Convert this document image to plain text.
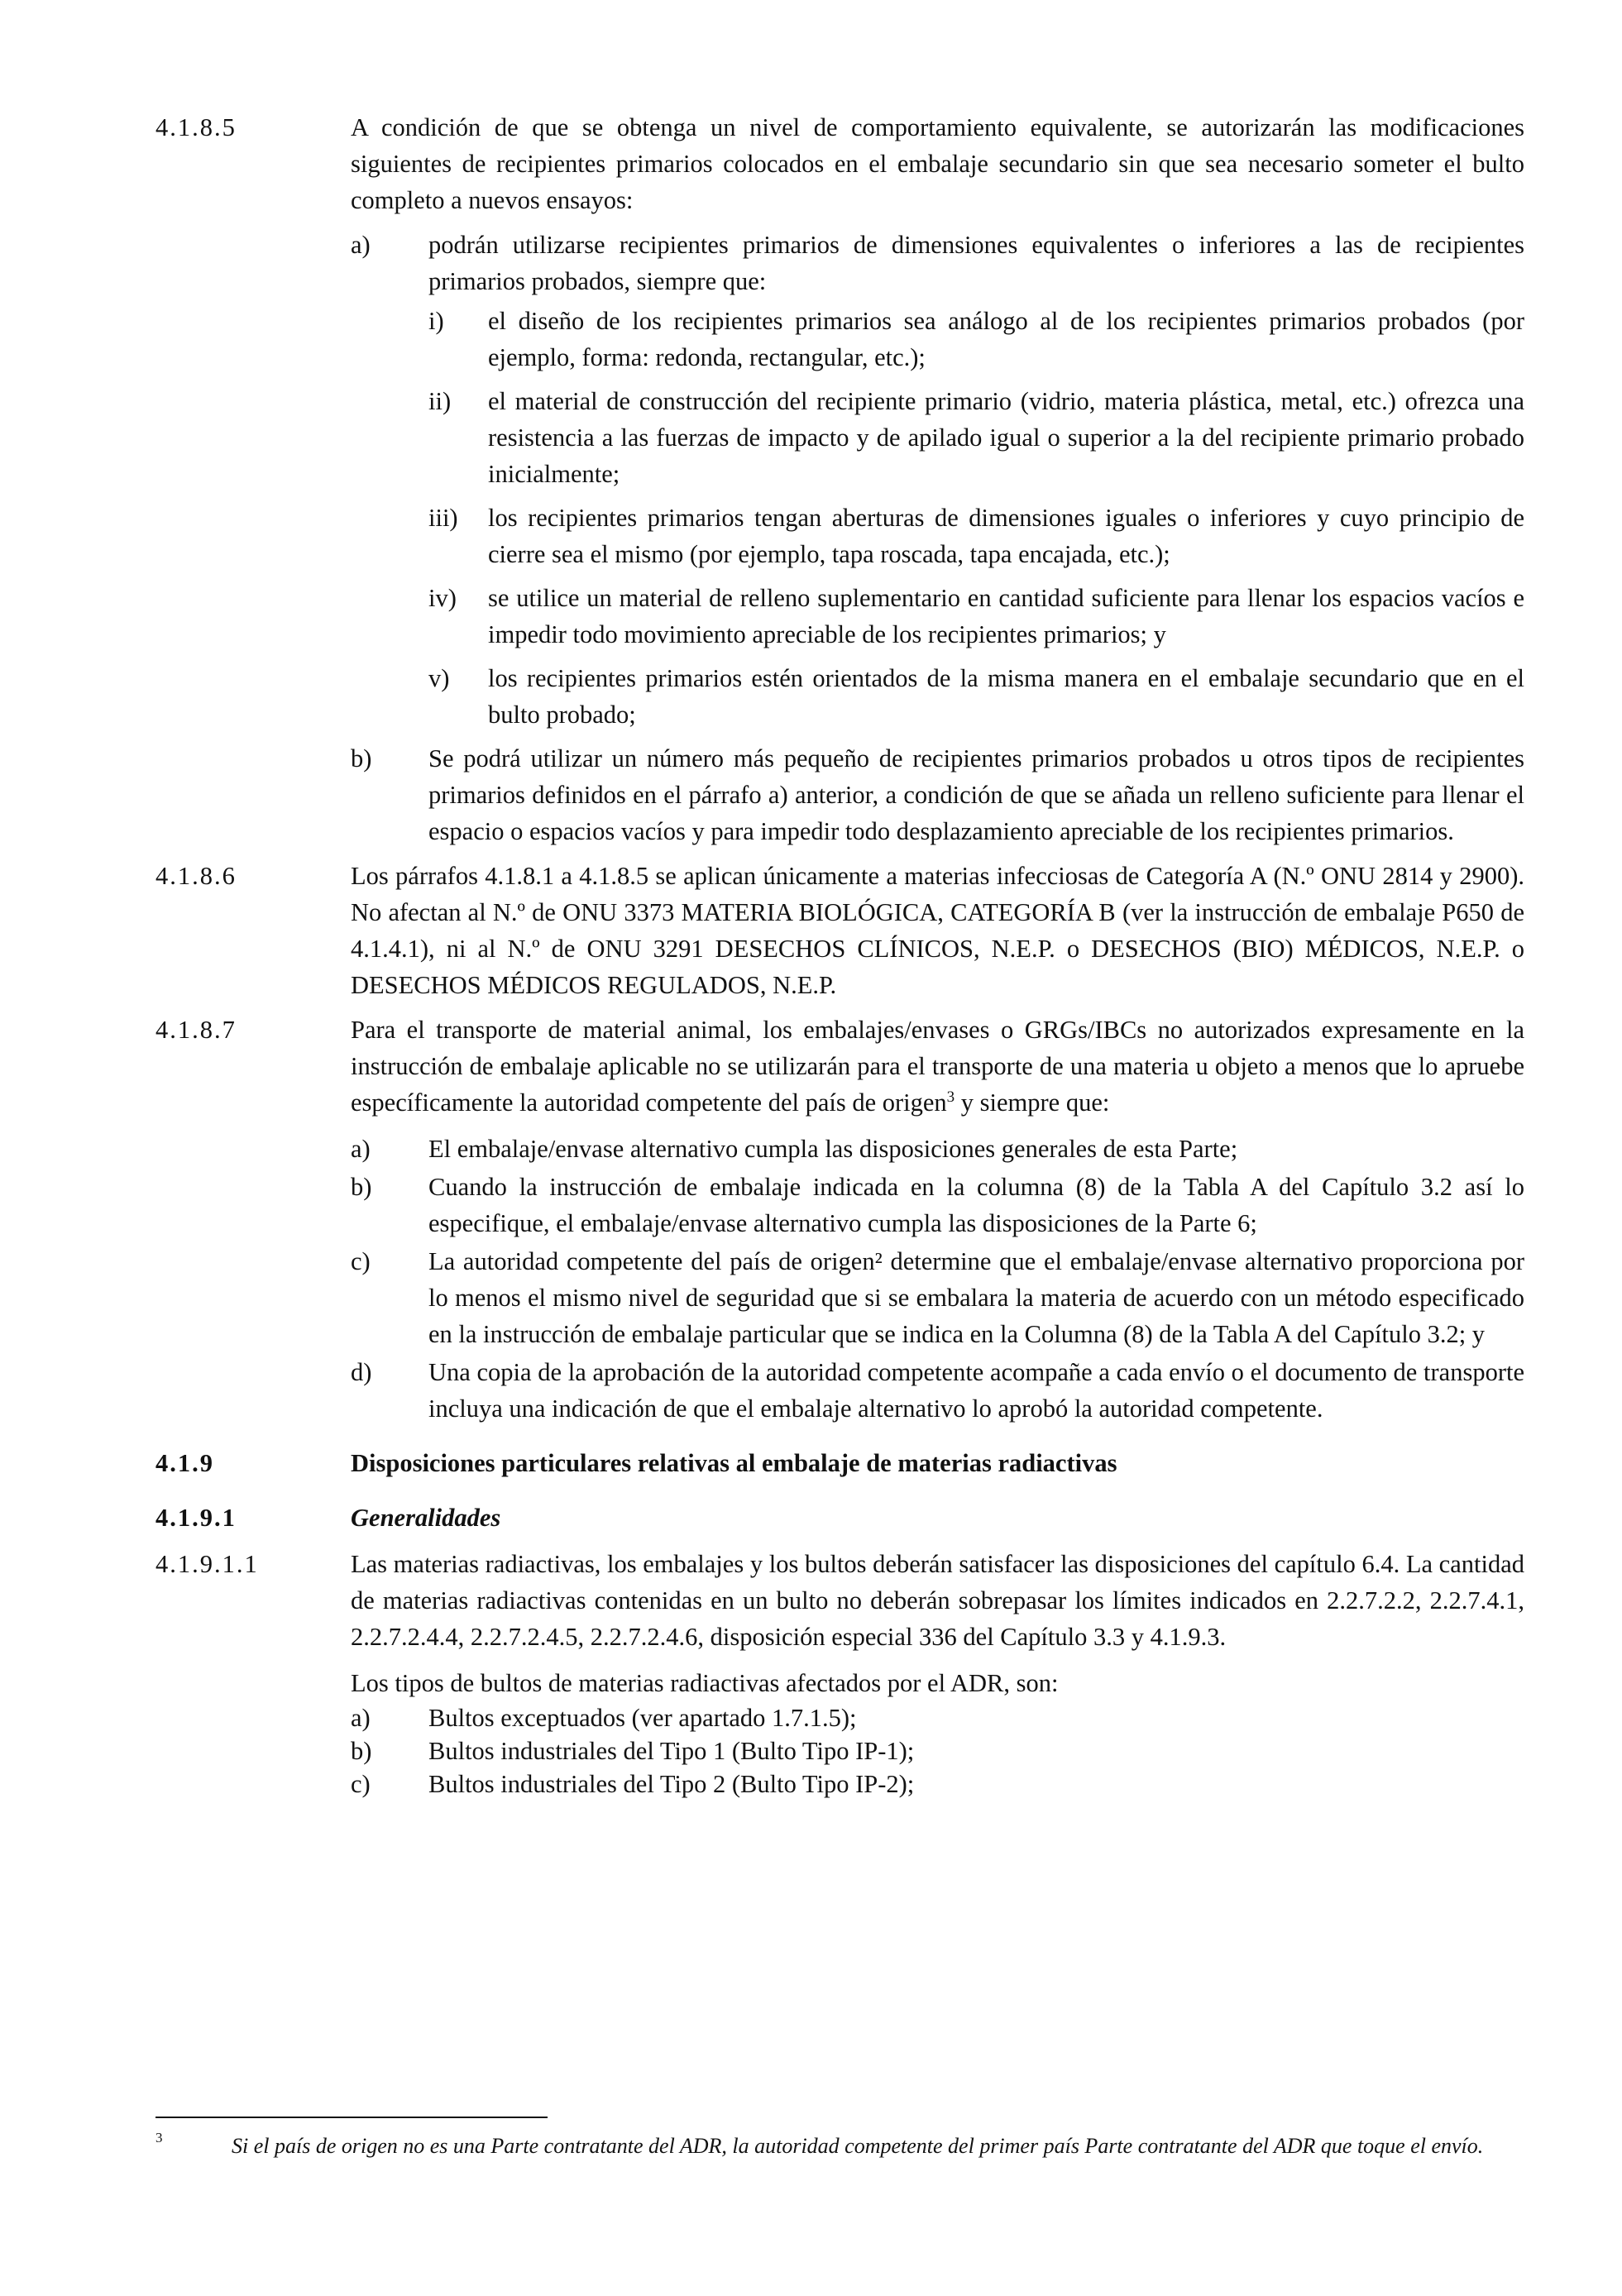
4.1.8.5	A condición de que se obtenga un nivel de comportamiento equivalente, se autorizarán las modificaciones siguientes de recipientes primarios colocados en el embalaje secundario sin que sea necesario someter el bulto completo a nuevos ensayos:

a)	podrán utilizarse recipientes primarios de dimensiones equivalentes o inferiores a las de recipientes primarios probados, siempre que:
i)	el diseño de los recipientes primarios sea análogo al de los recipientes primarios probados (por ejemplo, forma: redonda, rectangular, etc.);
ii)	el material de construcción del recipiente primario (vidrio, materia plástica, metal, etc.) ofrezca una resistencia a las fuerzas de impacto y de apilado igual o superior a la del recipiente primario probado inicialmente;
iii)	los recipientes primarios tengan aberturas de dimensiones iguales o inferiores y cuyo principio de cierre sea el mismo (por ejemplo, tapa roscada, tapa encajada, etc.);
iv)	se utilice un material de relleno suplementario en cantidad suficiente para llenar los espacios vacíos e impedir todo movimiento apreciable de los recipientes primarios; y
v)	los recipientes primarios estén orientados de la misma manera en el embalaje secundario que en el bulto probado;
b)	Se podrá utilizar un número más pequeño de recipientes primarios probados u otros tipos de recipientes primarios definidos en el párrafo a) anterior, a condición de que se añada un relleno suficiente para llenar el espacio o espacios vacíos y para impedir todo desplazamiento apreciable de los recipientes primarios.
4.1.8.6	Los párrafos 4.1.8.1 a 4.1.8.5 se aplican únicamente a materias infecciosas de Categoría A (N.º ONU 2814 y 2900). No afectan al N.º de ONU 3373 MATERIA BIOLÓGICA, CATEGORÍA B (ver la instrucción de embalaje P650 de 4.1.4.1), ni al N.º de ONU 3291 DESECHOS CLÍNICOS, N.E.P. o DESECHOS (BIO) MÉDICOS, N.E.P. o DESECHOS MÉDICOS REGULADOS, N.E.P.

4.1.8.7	Para el transporte de material animal, los embalajes/envases o GRGs/IBCs no autorizados expresamente en la instrucción de embalaje aplicable no se utilizarán para el transporte de una materia u objeto a menos que lo apruebe específicamente la autoridad competente del país de origen$^3$ y siempre que:

a)	El embalaje/envase alternativo cumpla las disposiciones generales de esta Parte;
b)	Cuando la instrucción de embalaje indicada en la columna (8) de la Tabla A del Capítulo 3.2 así lo especifique, el embalaje/envase alternativo cumpla las disposiciones de la Parte 6;
c)	La autoridad competente del país de origen² determine que el embalaje/envase alternativo proporciona por lo menos el mismo nivel de seguridad que si se embalara la materia de acuerdo con un método especificado en la instrucción de embalaje particular que se indica en la Columna (8) de la Tabla A del Capítulo 3.2; y
d)	Una copia de la aprobación de la autoridad competente acompañe a cada envío o el documento de transporte incluya una indicación de que el embalaje alternativo lo aprobó la autoridad competente.
4.1.9	Disposiciones particulares relativas al embalaje de materias radiactivas
4.1.9.1	Generalidades
4.1.9.1.1	Las materias radiactivas, los embalajes y los bultos deberán satisfacer las disposiciones del capítulo 6.4. La cantidad de materias radiactivas contenidas en un bulto no deberán sobrepasar los límites indicados en 2.2.7.2.2, 2.2.7.4.1, 2.2.7.2.4.4, 2.2.7.2.4.5, 2.2.7.2.4.6, disposición especial 336 del Capítulo 3.3 y 4.1.9.3.

Los tipos de bultos de materias radiactivas afectados por el ADR, son:

a)	Bultos exceptuados (ver apartado 1.7.1.5);
b)	Bultos industriales del Tipo 1 (Bulto Tipo IP-1);
c)	Bultos industriales del Tipo 2 (Bulto Tipo IP-2);
3	Si el país de origen no es una Parte contratante del ADR, la autoridad competente del primer país Parte contratante del ADR que toque el envío.
